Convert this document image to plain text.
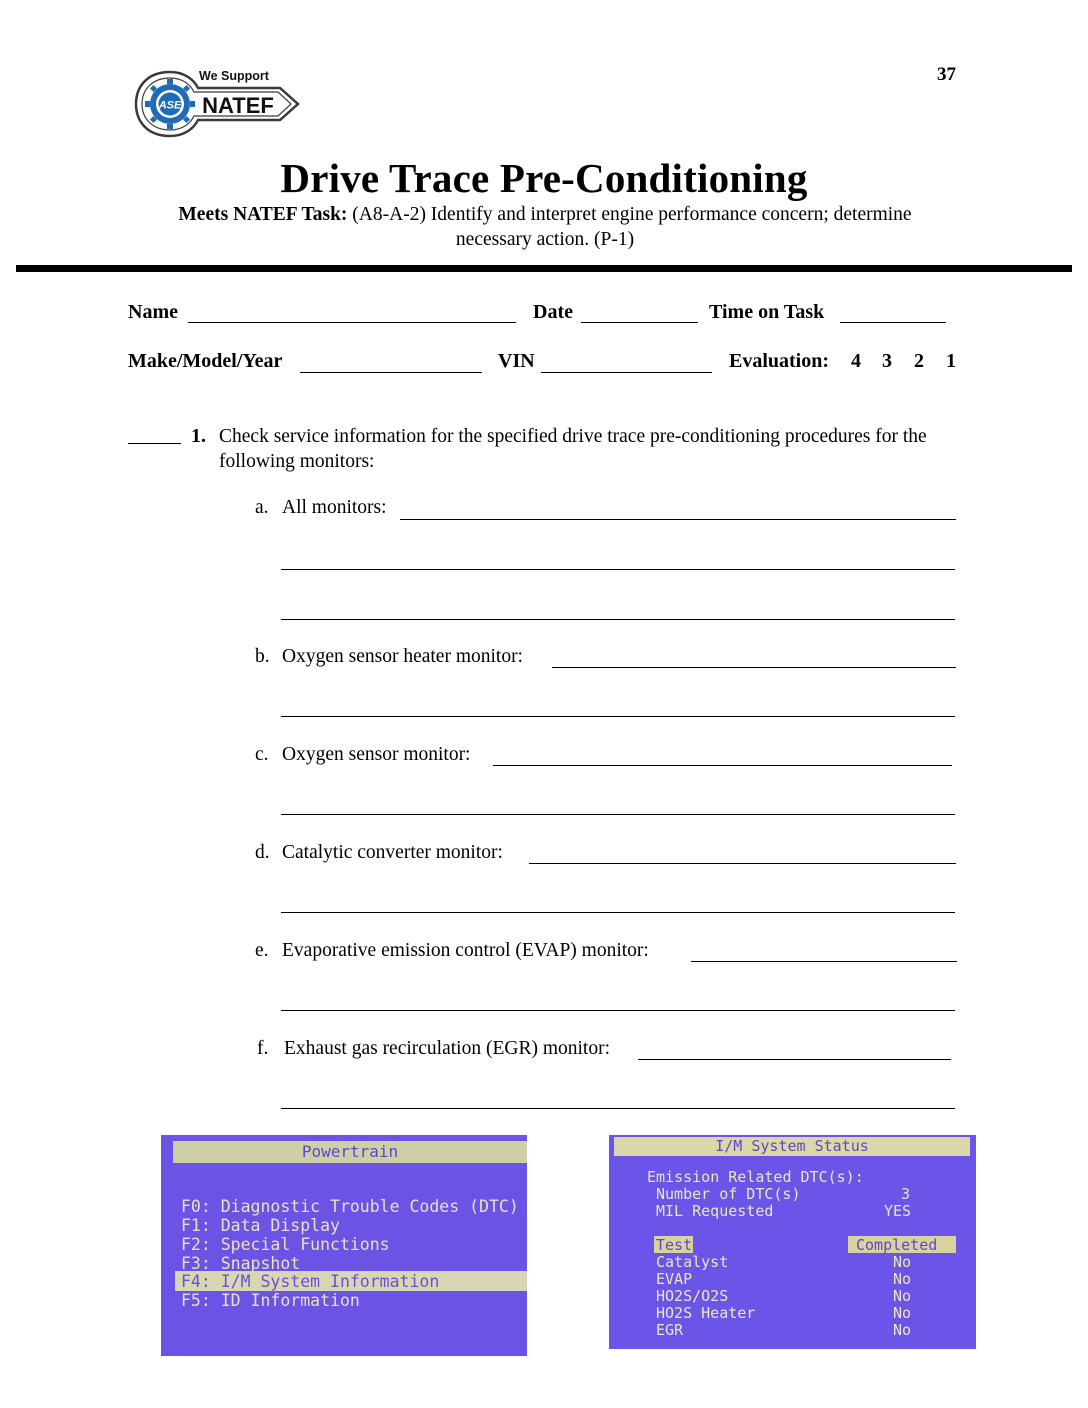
ASE
We Support
NATEF
37
Drive Trace Pre-Conditioning
Meets NATEF Task: (A8-A-2) Identify and interpret engine performance concern; determine necessary action. (P-1)
Name	Date	Time on Task
Make/Model/Year	VIN	Evaluation: 4 3 2 1
1. Check service information for the specified drive trace pre-conditioning procedures for the following monitors:
a. All monitors:
b. Oxygen sensor heater monitor:
c. Oxygen sensor monitor:
d. Catalytic converter monitor:
e. Evaporative emission control (EVAP) monitor:
f. Exhaust gas recirculation (EGR) monitor:
Powertrain
F0: Diagnostic Trouble Codes (DTC)
F1: Data Display
F2: Special Functions
F3: Snapshot
F4: I/M System Information
F5: ID Information
I/M System Status
Emission Related DTC(s):
Number of DTC(s)	3
MIL Requested	YES
Test	Completed
Catalyst	No
EVAP	No
HO2S/O2S	No
HO2S Heater	No
EGR	No
